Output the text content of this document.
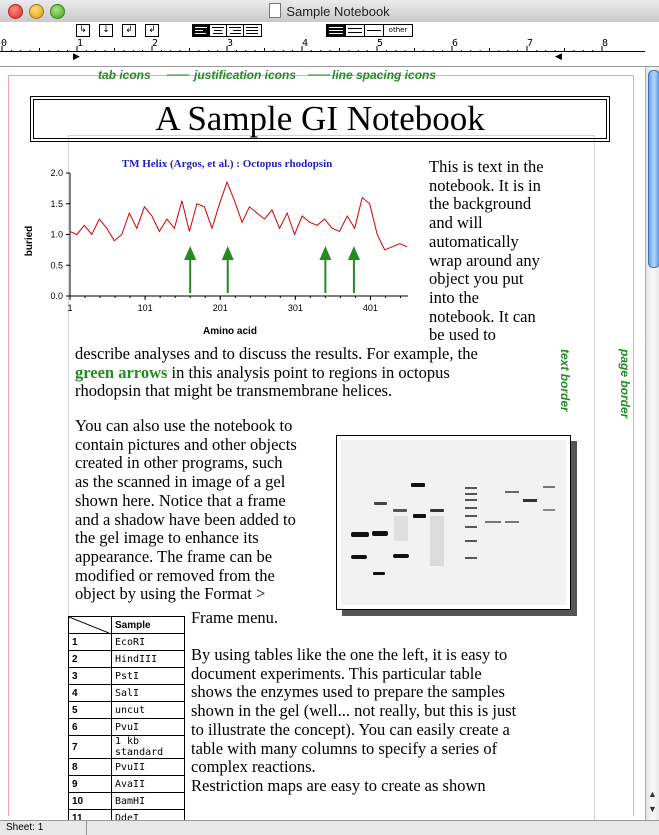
Sample Notebook
↳	↓	↲	↲	other
0	1	2	3	4	5	6	7	8
▶	◀
tab icons	justification icons	line spacing icons
text border	page border
A Sample GI Notebook
TM Helix (Argos, et al.) : Octopus rhodopsin
0.0
0.5
1.0
1.5
2.0
1	101	201	301	401
Amino acid
buried
This is text in the
notebook. It is in
the background
and will
automatically
wrap around any
object you put
into the
notebook. It can
be used to
describe analyses and to discuss the results. For example, the
green arrows in this analysis point to regions in octopus
rhodopsin that might be transmembrane helices.
You can also use the notebook to
contain pictures and other objects
created in other programs, such
as the scanned in image of a gel
shown here. Notice that a frame
and a shadow have been added to
the gel image to enhance its
appearance. The frame can be
modified or removed from the
object by using the Format >
Frame menu.
	Sample
1	EcoRI
2	HindIII
3	PstI
4	SalI
5	uncut
6	PvuI
7	1 kb standard
8	PvuII
9	AvaII
10	BamHI
11	DdeI
By using tables like the one the left, it is easy to
document experiments. This particular table
shows the enzymes used to prepare the samples
shown in the gel (well... not really, but this is just
to illustrate the concept). You can easily create a
table with many columns to specify a series of
complex reactions.
Restriction maps are easy to create as shown	▲
▼
Sheet: 1
